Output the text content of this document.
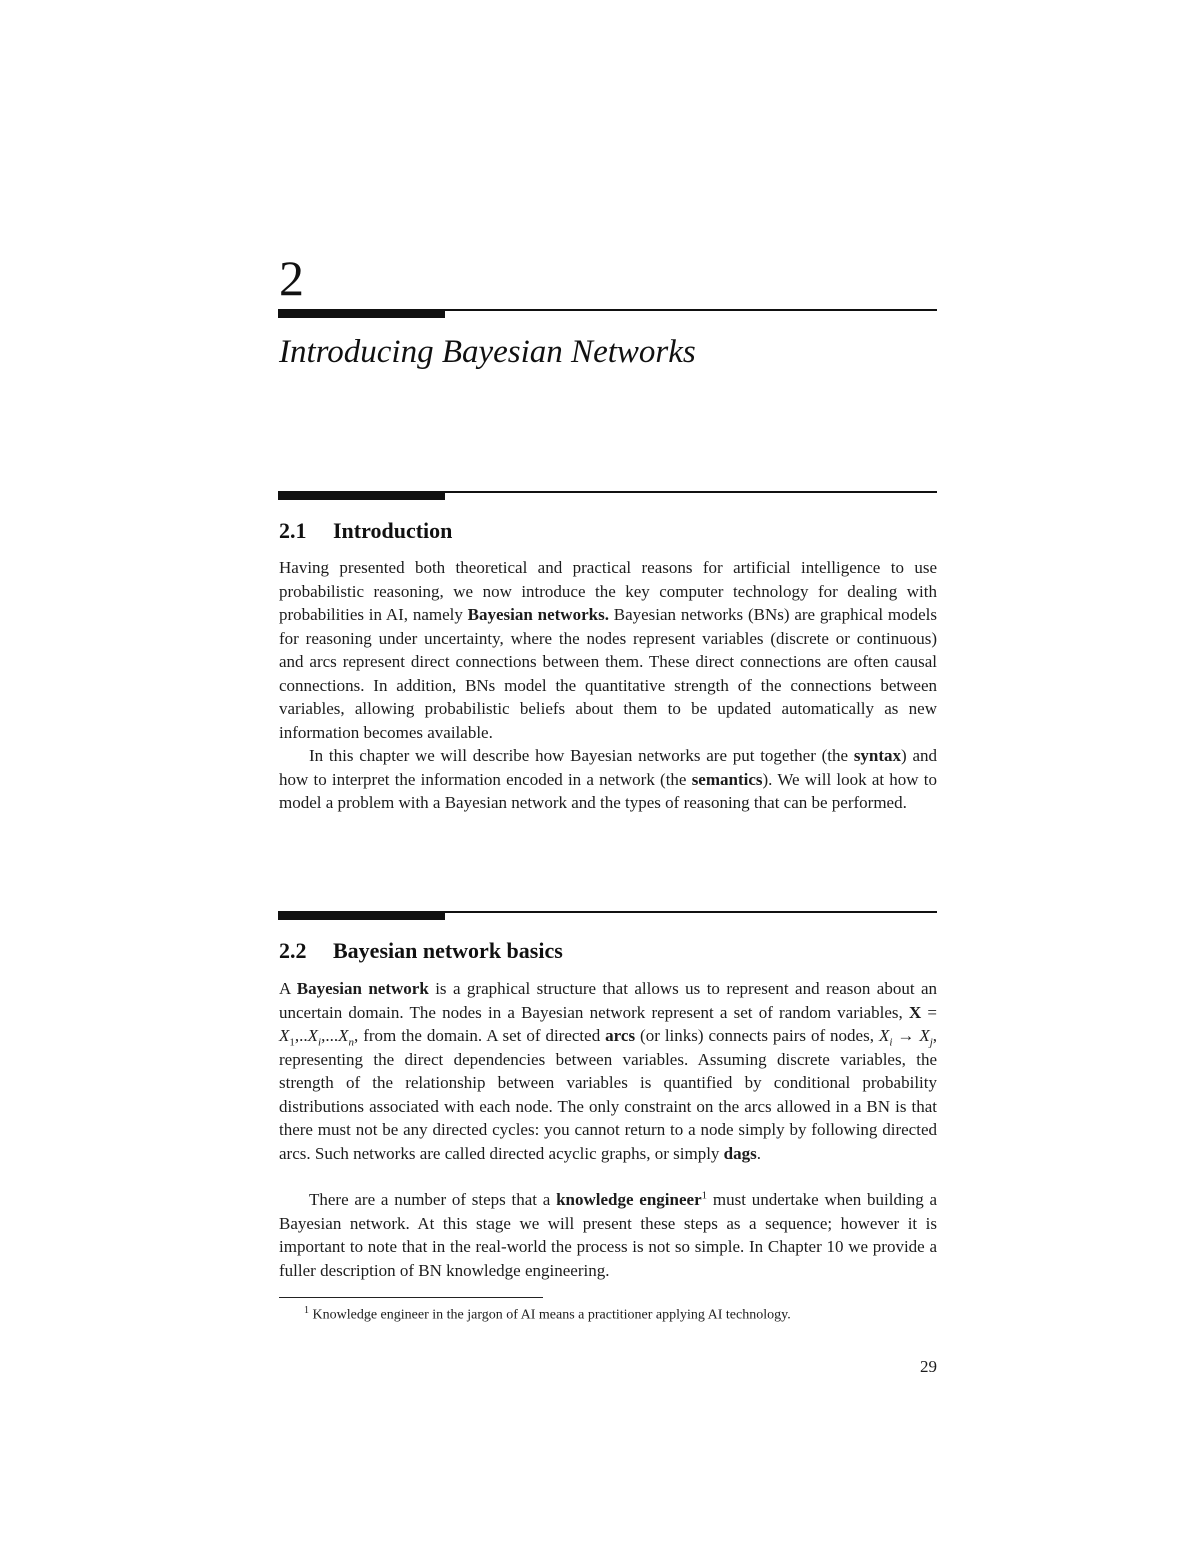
2
Introducing Bayesian Networks
2.1 Introduction

Having presented both theoretical and practical reasons for artificial intelligence to use probabilistic reasoning, we now introduce the key computer technology for dealing with probabilities in AI, namely Bayesian networks. Bayesian networks (BNs) are graphical models for reasoning under uncertainty, where the nodes represent variables (discrete or continuous) and arcs represent direct connections between them. These direct connections are often causal connections. In addition, BNs model the quantitative strength of the connections between variables, allowing probabilistic beliefs about them to be updated automatically as new information becomes available.

In this chapter we will describe how Bayesian networks are put together (the syntax) and how to interpret the information encoded in a network (the semantics). We will look at how to model a problem with a Bayesian network and the types of reasoning that can be performed.

2.2 Bayesian network basics

A Bayesian network is a graphical structure that allows us to represent and reason about an uncertain domain. The nodes in a Bayesian network represent a set of random variables, $X = X_1,..X_i,...X_n$, from the domain. A set of directed arcs (or links) connects pairs of nodes, $X_i \to X_j$, representing the direct dependencies between variables. Assuming discrete variables, the strength of the relationship between variables is quantified by conditional probability distributions associated with each node. The only constraint on the arcs allowed in a BN is that there must not be any directed cycles: you cannot return to a node simply by following directed arcs. Such networks are called directed acyclic graphs, or simply dags.

There are a number of steps that a knowledge engineer$^1$ must undertake when building a Bayesian network. At this stage we will present these steps as a sequence; however it is important to note that in the real-world the process is not so simple. In Chapter 10 we provide a fuller description of BN knowledge engineering.

$^1$ Knowledge engineer in the jargon of AI means a practitioner applying AI technology.
29
